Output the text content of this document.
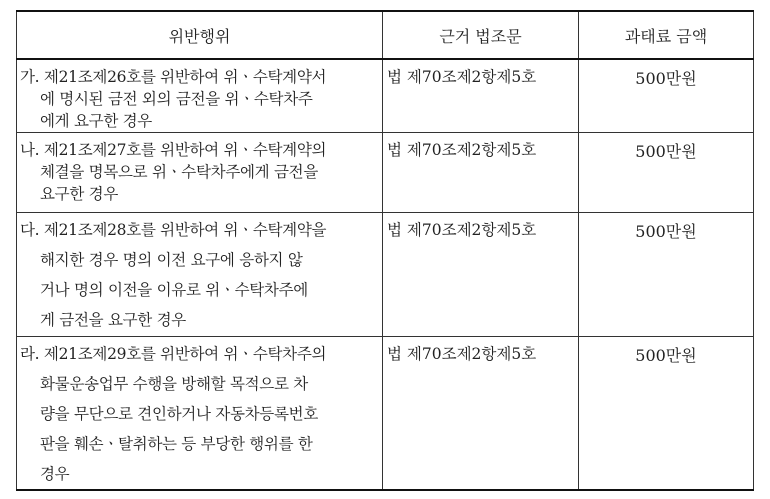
위반행위	근거 법조문	과태료 금액

가. 제21조제26호를 위반하여 위ㆍ수탁계약서
에 명시된 금전 외의 금전을 위ㆍ수탁차주
에게 요구한 경우	법 제70조제2항제5호	500만원

나. 제21조제27호를 위반하여 위ㆍ수탁계약의
체결을 명목으로 위ㆍ수탁차주에게 금전을
요구한 경우	법 제70조제2항제5호	500만원

다. 제21조제28호를 위반하여 위ㆍ수탁계약을
해지한 경우 명의 이전 요구에 응하지 않
거나 명의 이전을 이유로 위ㆍ수탁차주에
게 금전을 요구한 경우	법 제70조제2항제5호	500만원

라. 제21조제29호를 위반하여 위ㆍ수탁차주의
화물운송업무 수행을 방해할 목적으로 차
량을 무단으로 견인하거나 자동차등록번호
판을 훼손ㆍ탈취하는 등 부당한 행위를 한
경우	법 제70조제2항제5호	500만원
